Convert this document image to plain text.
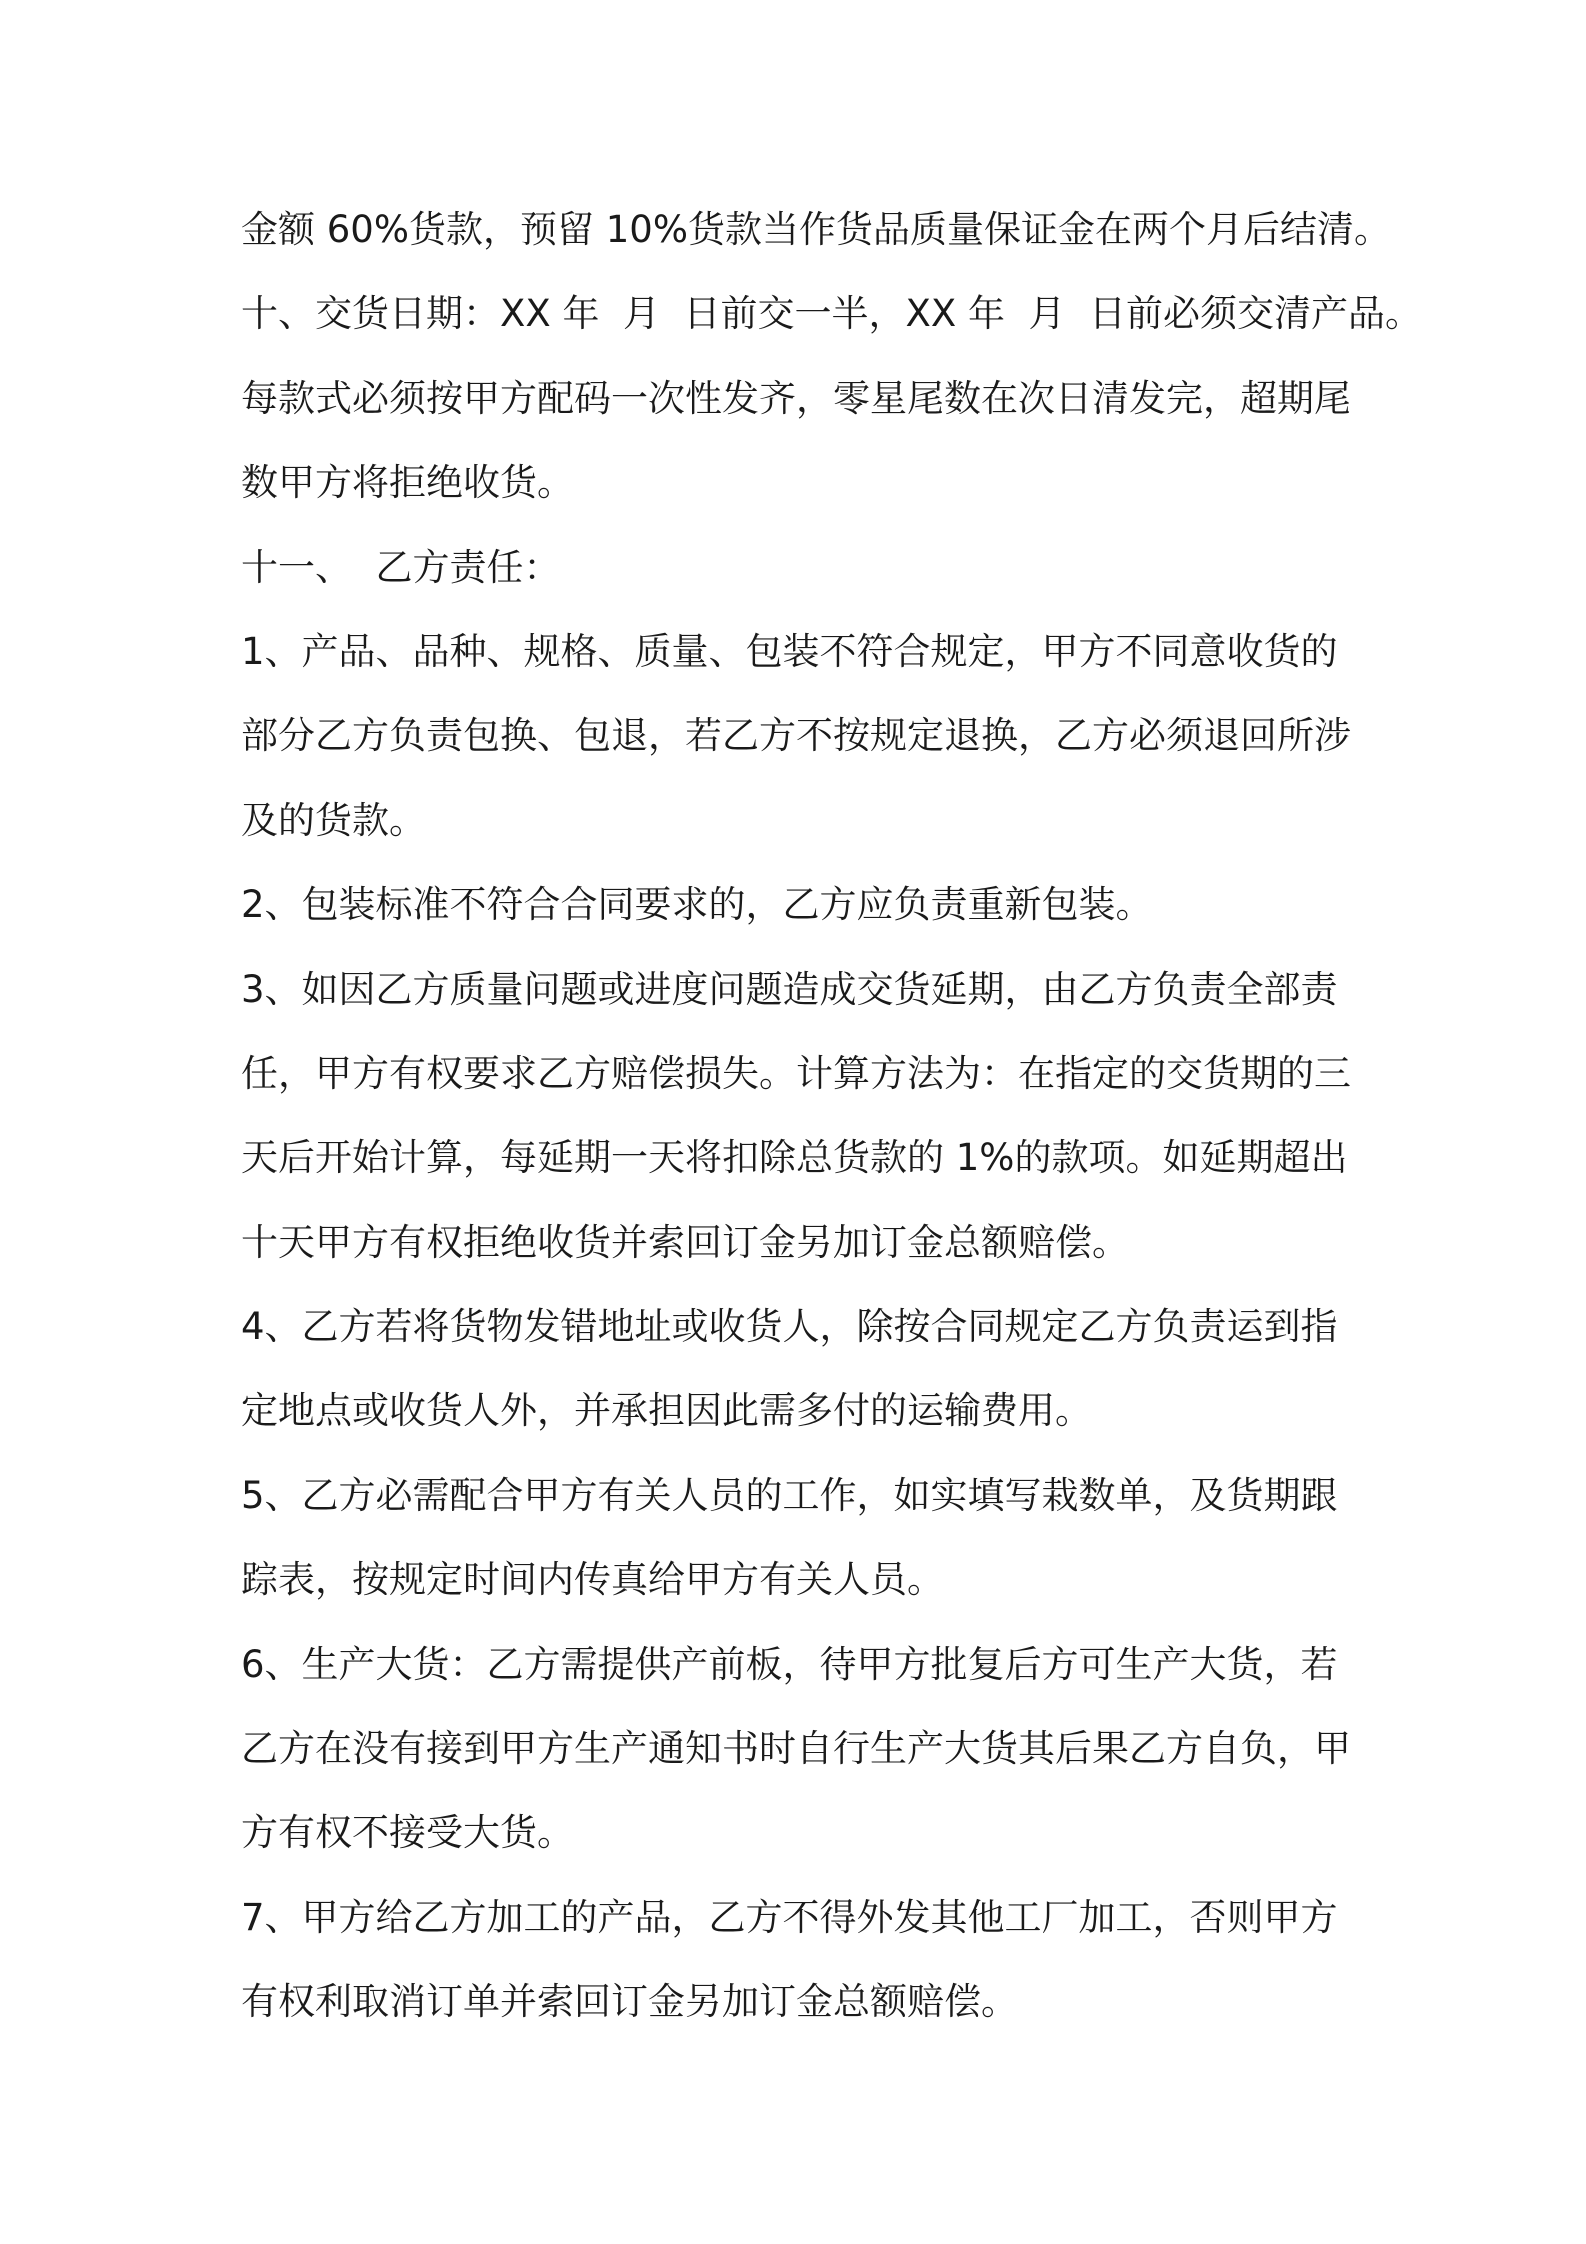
金额 60%货款，预留 10%货款当作货品质量保证金在两个月后结清。
十、交货日期：XX 年  月  日前交一半，XX 年  月  日前必须交清产品。
每款式必须按甲方配码一次性发齐，零星尾数在次日清发完，超期尾
数甲方将拒绝收货。
十一、  乙方责任：
1、产品、品种、规格、质量、包装不符合规定，甲方不同意收货的
部分乙方负责包换、包退，若乙方不按规定退换，乙方必须退回所涉
及的货款。
2、包装标准不符合合同要求的，乙方应负责重新包装。
3、如因乙方质量问题或进度问题造成交货延期，由乙方负责全部责
任，甲方有权要求乙方赔偿损失。计算方法为：在指定的交货期的三
天后开始计算，每延期一天将扣除总货款的 1%的款项。如延期超出
十天甲方有权拒绝收货并索回订金另加订金总额赔偿。
4、乙方若将货物发错地址或收货人，除按合同规定乙方负责运到指
定地点或收货人外，并承担因此需多付的运输费用。
5、乙方必需配合甲方有关人员的工作，如实填写栽数单，及货期跟
踪表，按规定时间内传真给甲方有关人员。
6、生产大货：乙方需提供产前板，待甲方批复后方可生产大货，若
乙方在没有接到甲方生产通知书时自行生产大货其后果乙方自负，甲
方有权不接受大货。
7、甲方给乙方加工的产品，乙方不得外发其他工厂加工，否则甲方
有权利取消订单并索回订金另加订金总额赔偿。
